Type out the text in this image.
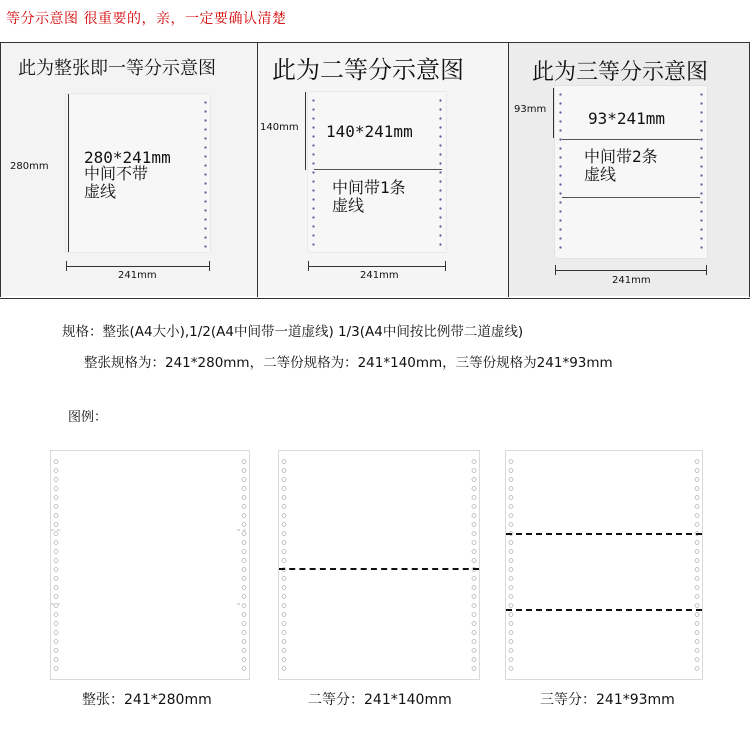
等分示意图 很重要的，亲，一定要确认清楚
此为整张即一等分示意图
280*241mm
中间不带
虚线
280mm
241mm
此为二等分示意图
140*241mm
中间带1条
虚线
140mm
241mm
此为三等分示意图
93*241mm
中间带2条
虚线
93mm
241mm
规格：整张(A4大小),1/2(A4中间带一道虚线) 1/3(A4中间按比例带二道虚线)
整张规格为：241*280mm，二等份规格为：241*140mm，三等份规格为241*93mm
图例：
整张：241*280mm	二等分：241*140mm	三等分：241*93mm
